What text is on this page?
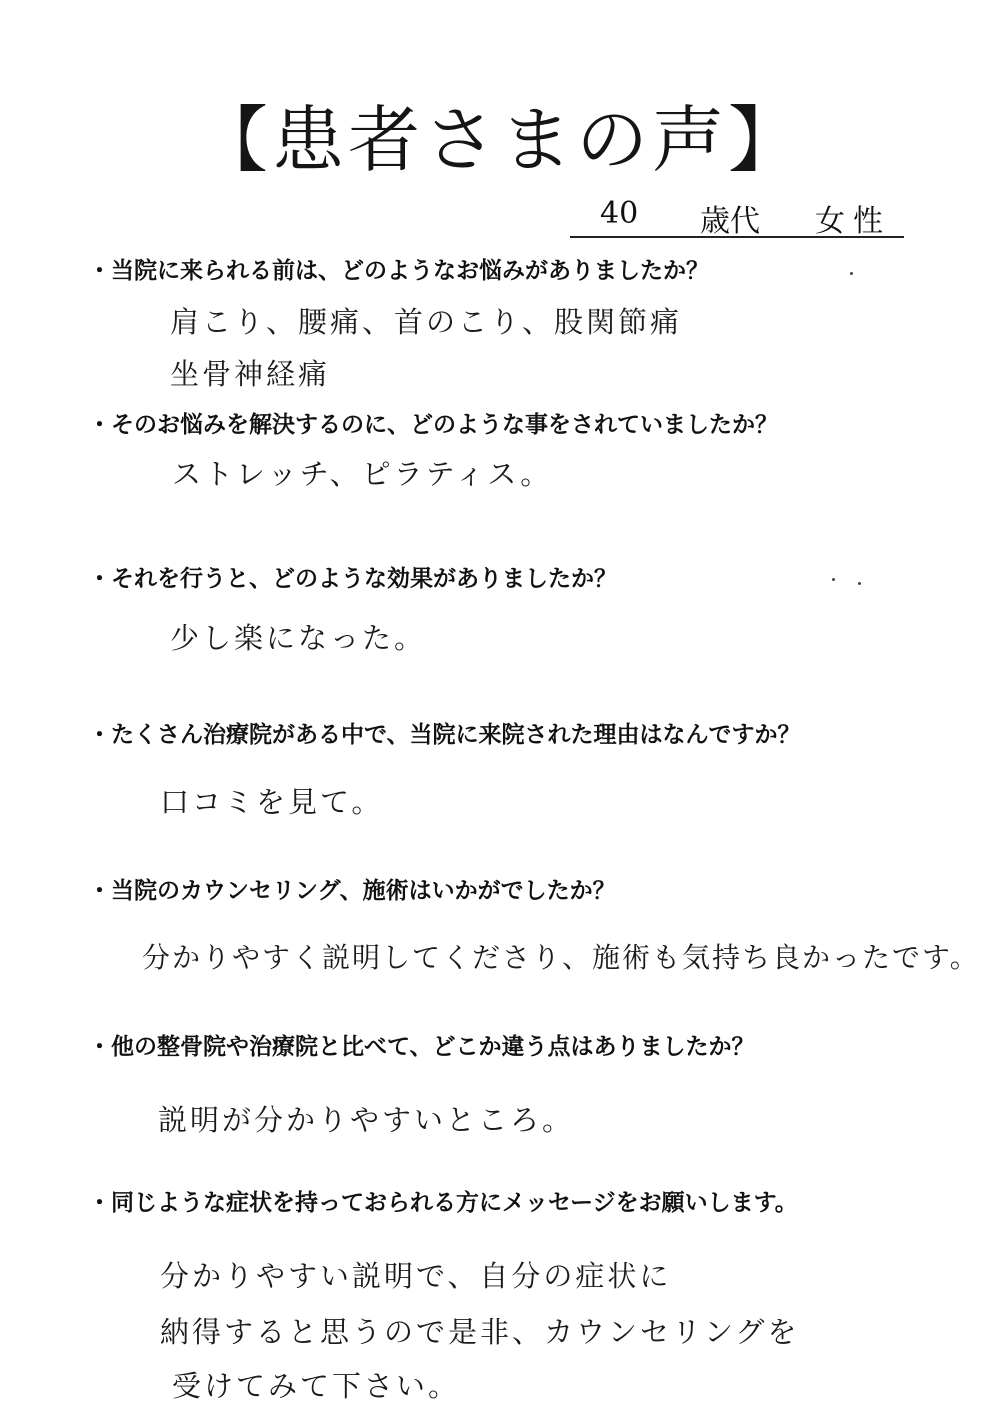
【患者さまの声】
40 歳代 女性
・当院に来られる前は、どのようなお悩みがありましたか？
肩こり、腰痛、首のこり、股関節痛
坐骨神経痛
・そのお悩みを解決するのに、どのような事をされていましたか？
ストレッチ、ピラティス。
・それを行うと、どのような効果がありましたか？
少し楽になった。
・たくさん治療院がある中で、当院に来院された理由はなんですか？
口コミを見て。
・当院のカウンセリング、施術はいかがでしたか？
分かりやすく説明してくださり、施術も気持ち良かったです。
・他の整骨院や治療院と比べて、どこか違う点はありましたか？
説明が分かりやすいところ。
・同じような症状を持っておられる方にメッセージをお願いします。
分かりやすい説明で、自分の症状に
納得すると思うので是非、カウンセリングを
受けてみて下さい。
